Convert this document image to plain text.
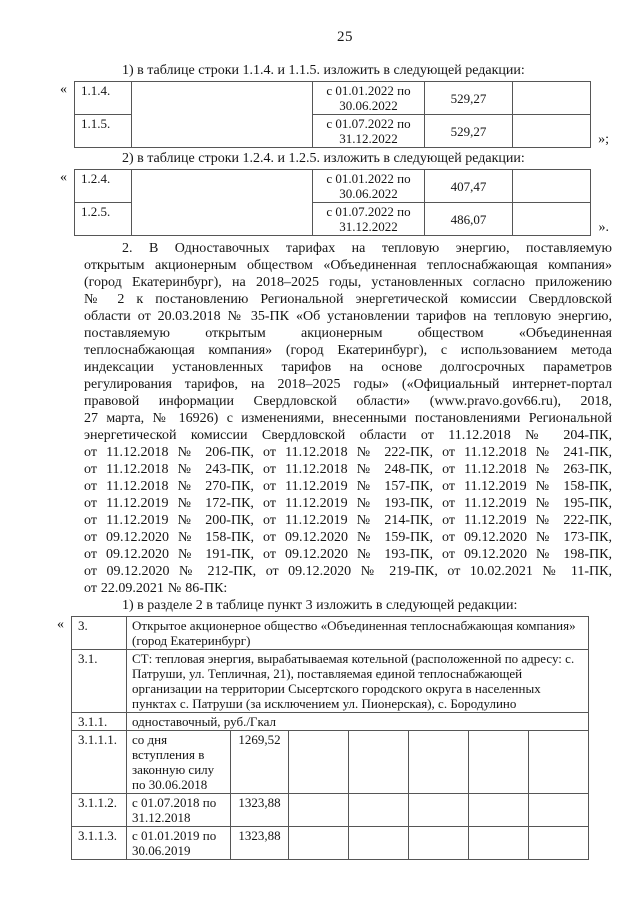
25
1) в таблице строки 1.1.4. и 1.1.5. изложить в следующей редакции:
« 1.1.4.		с 01.01.2022 по 30.06.2022	529,27	
1.1.5.		с 01.07.2022 по 31.12.2022	529,27	
»;
2) в таблице строки 1.2.4. и 1.2.5. изложить в следующей редакции:
« 1.2.4.		с 01.01.2022 по 30.06.2022	407,47	
1.2.5.		с 01.07.2022 по 31.12.2022	486,07	
».
2. В Одноставочных тарифах на тепловую энергию, поставляемую
открытым акционерным обществом «Объединенная теплоснабжающая компания»
(город Екатеринбург), на 2018–2025 годы, установленных согласно приложению
№ 2 к постановлению Региональной энергетической комиссии Свердловской
области от 20.03.2018 № 35-ПК «Об установлении тарифов на тепловую энергию,
поставляемую открытым акционерным обществом «Объединенная
теплоснабжающая компания» (город Екатеринбург), с использованием метода
индексации установленных тарифов на основе долгосрочных параметров
регулирования тарифов, на 2018–2025 годы» («Официальный интернет-портал
правовой информации Свердловской области» (www.pravo.gov66.ru), 2018,
27 марта, № 16926) с изменениями, внесенными постановлениями Региональной
энергетической комиссии Свердловской области от 11.12.2018 № 204-ПК,
от 11.12.2018 № 206-ПК, от 11.12.2018 № 222-ПК, от 11.12.2018 № 241-ПК,
от 11.12.2018 № 243-ПК, от 11.12.2018 № 248-ПК, от 11.12.2018 № 263-ПК,
от 11.12.2018 № 270-ПК, от 11.12.2019 № 157-ПК, от 11.12.2019 № 158-ПК,
от 11.12.2019 № 172-ПК, от 11.12.2019 № 193-ПК, от 11.12.2019 № 195-ПК,
от 11.12.2019 № 200-ПК, от 11.12.2019 № 214-ПК, от 11.12.2019 № 222-ПК,
от 09.12.2020 № 158-ПК, от 09.12.2020 № 159-ПК, от 09.12.2020 № 173-ПК,
от 09.12.2020 № 191-ПК, от 09.12.2020 № 193-ПК, от 09.12.2020 № 198-ПК,
от 09.12.2020 № 212-ПК, от 09.12.2020 № 219-ПК, от 10.02.2021 № 11-ПК,
от 22.09.2021 № 86-ПК:
1) в разделе 2 в таблице пункт 3 изложить в следующей редакции:
« 3.	Открытое акционерное общество «Объединенная теплоснабжающая компания» (город Екатеринбург)						
3.1.	СТ: тепловая энергия, вырабатываемая котельной (расположенной по адресу: с. Патруши, ул. Тепличная, 21), поставляемая единой теплоснабжающей организации на территории Сысертского городского округа в населенных пунктах с. Патруши (за исключением ул. Пионерская), с. Бородулино						
3.1.1.	одноставочный, руб./Гкал						
3.1.1.1.	со дня вступления в законную силу по 30.06.2018	1269,52					
3.1.1.2.	с 01.07.2018 по 31.12.2018	1323,88					
3.1.1.3.	с 01.01.2019 по 30.06.2019	1323,88					
